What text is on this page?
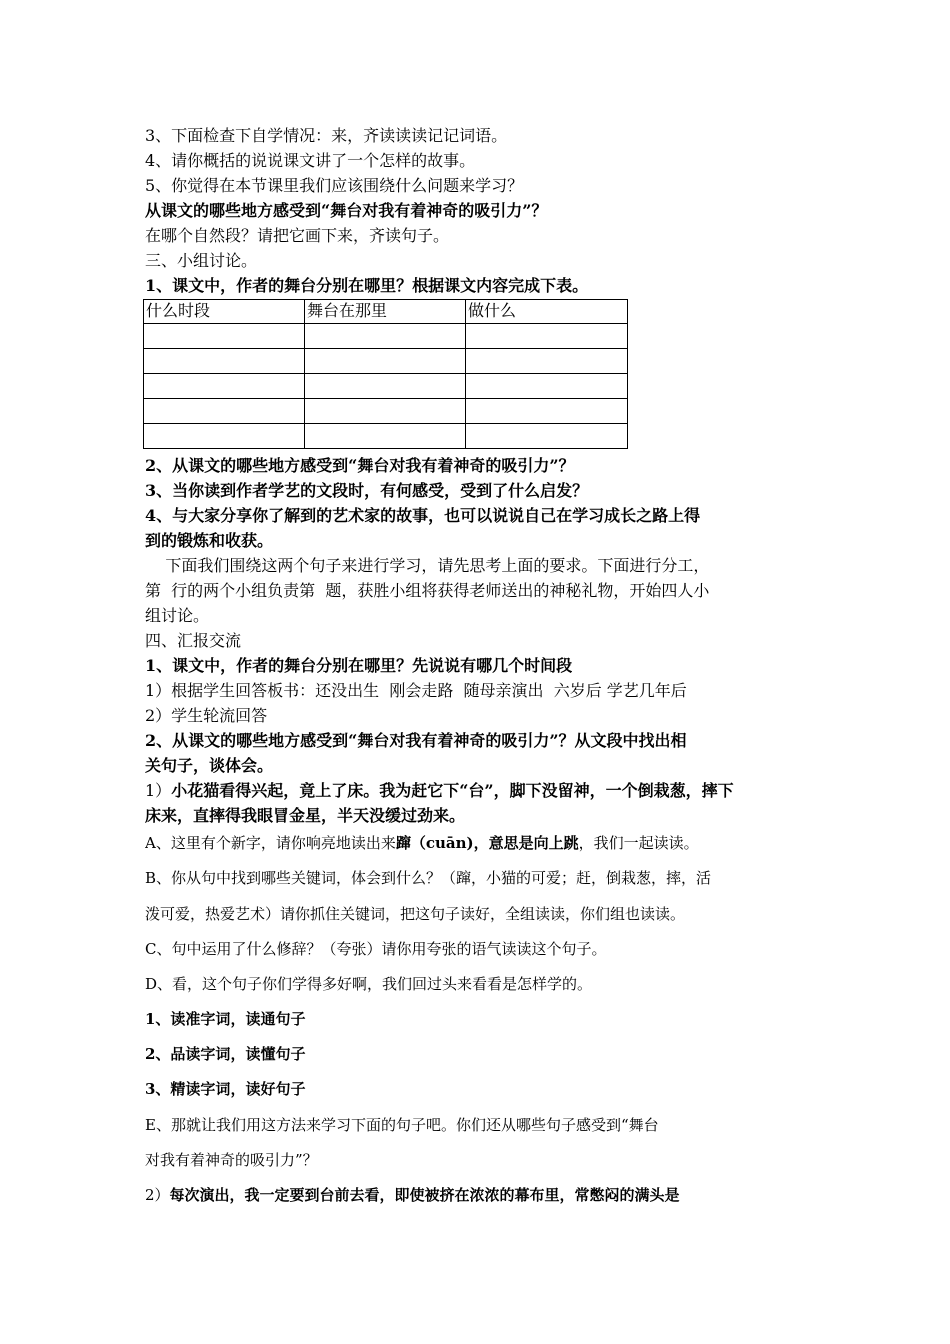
3、下面检查下自学情况：来，齐读读读记记词语。
4、请你概括的说说课文讲了一个怎样的故事。
5、你觉得在本节课里我们应该围绕什么问题来学习？
从课文的哪些地方感受到“舞台对我有着神奇的吸引力”？
在哪个自然段？请把它画下来，齐读句子。
三、小组讨论。
1、课文中，作者的舞台分别在哪里？根据课文内容完成下表。
什么时段	舞台在那里	做什么

2、从课文的哪些地方感受到“舞台对我有着神奇的吸引力”？
3、当你读到作者学艺的文段时，有何感受，受到了什么启发？
4、与大家分享你了解到的艺术家的故事，也可以说说自己在学习成长之路上得
到的锻炼和收获。
下面我们围绕这两个句子来进行学习，请先思考上面的要求。下面进行分工，
第  行的两个小组负责第  题，获胜小组将获得老师送出的神秘礼物，开始四人小
组讨论。
四、汇报交流
1、课文中，作者的舞台分别在哪里？先说说有哪几个时间段
1）根据学生回答板书：还没出生  刚会走路  随母亲演出  六岁后 学艺几年后
2）学生轮流回答
2、从课文的哪些地方感受到“舞台对我有着神奇的吸引力”？从文段中找出相
关句子，谈体会。
1）小花猫看得兴起，竟上了床。我为赶它下“台”，脚下没留神，一个倒栽葱，摔下
床来，直摔得我眼冒金星，半天没缓过劲来。
A、这里有个新字，请你响亮地读出来蹿（cuān)，意思是向上跳，我们一起读读。
B、你从句中找到哪些关键词，体会到什么？（蹿，小猫的可爱；赶，倒栽葱，摔，活
泼可爱，热爱艺术）请你抓住关键词，把这句子读好，全组读读，你们组也读读。
C、句中运用了什么修辞？（夸张）请你用夸张的语气读读这个句子。
D、看，这个句子你们学得多好啊，我们回过头来看看是怎样学的。
1、读准字词，读通句子
2、品读字词，读懂句子
3、精读字词，读好句子
E、那就让我们用这方法来学习下面的句子吧。你们还从哪些句子感受到“舞台
对我有着神奇的吸引力”？
2）每次演出，我一定要到台前去看，即使被挤在浓浓的幕布里，常憋闷的满头是
